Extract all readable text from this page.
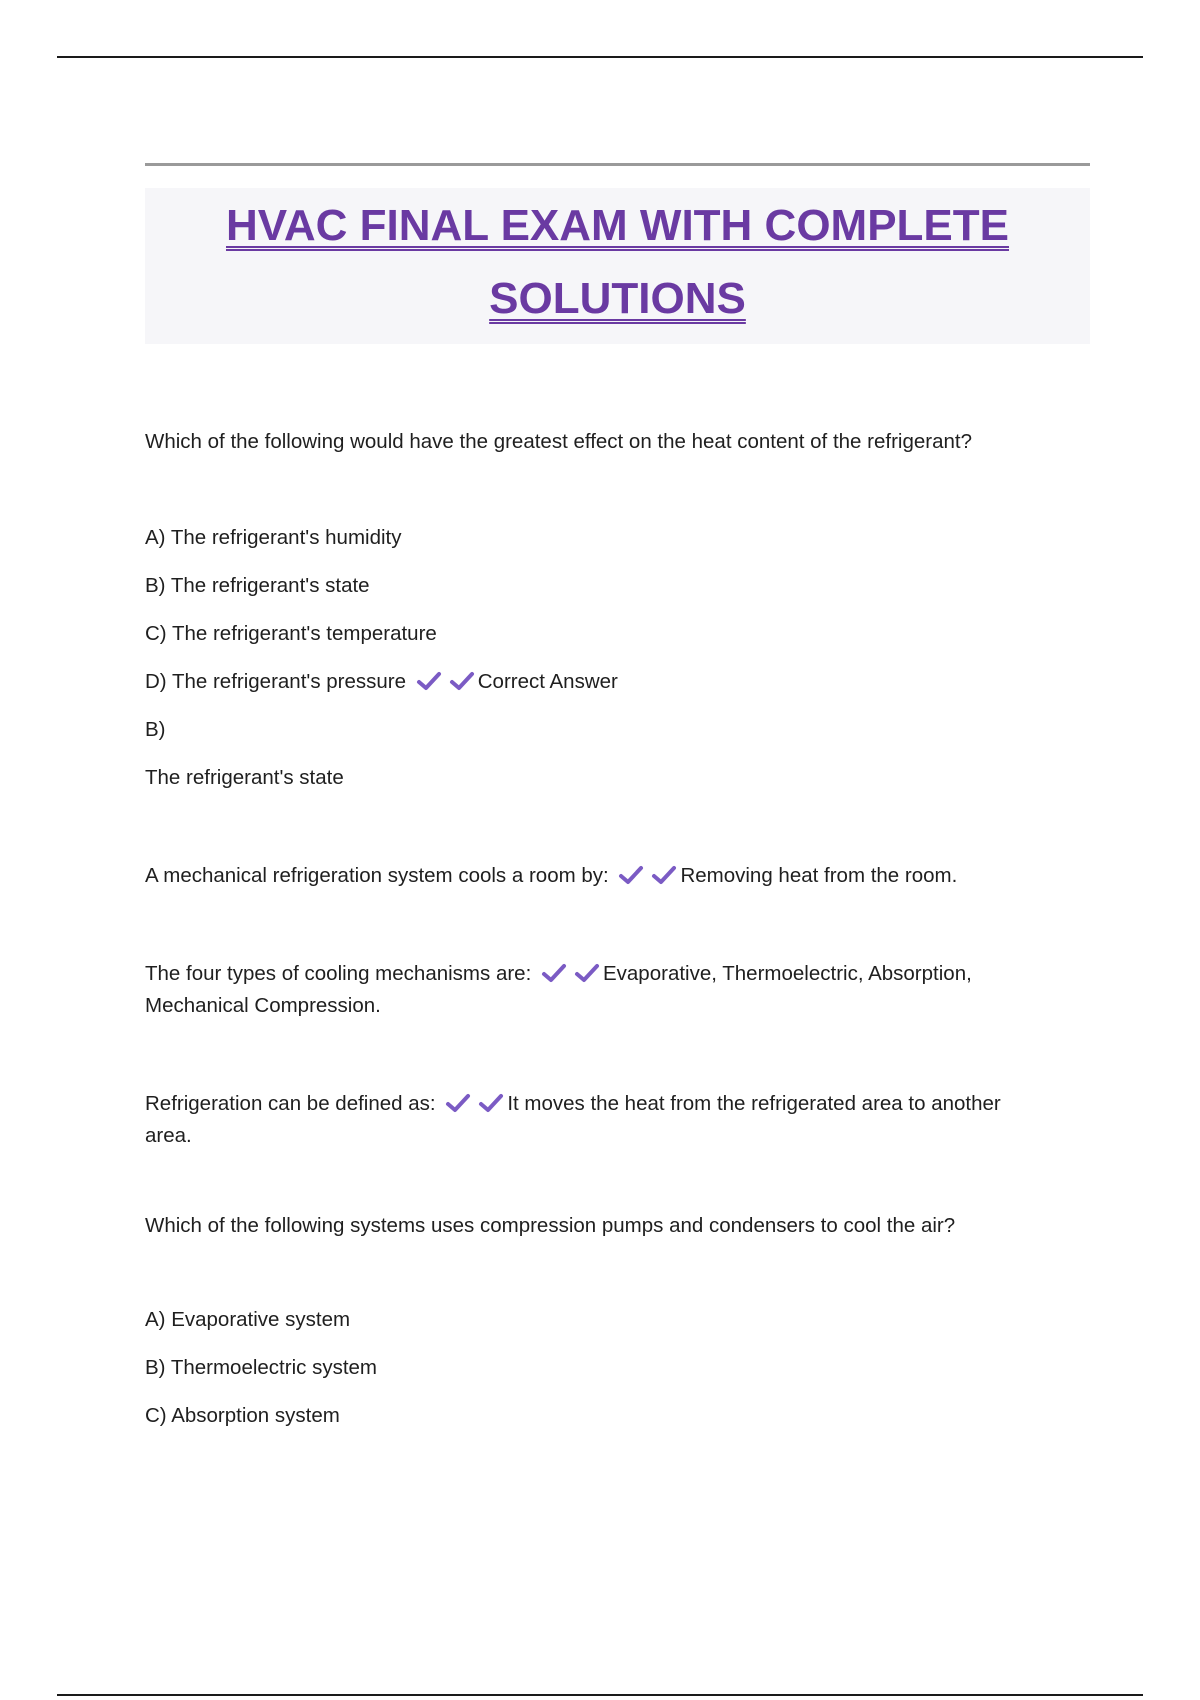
HVAC FINAL EXAM WITH COMPLETE
SOLUTIONS

Which of the following would have the greatest effect on the heat content of the refrigerant?

A) The refrigerant's humidity

B) The refrigerant's state

C) The refrigerant's temperature

D) The refrigerant's pressure	Correct Answer

B)

The refrigerant's state

A mechanical refrigeration system cools a room by:	Removing heat from the room.

The four types of cooling mechanisms are:	Evaporative, Thermoelectric, Absorption,

Mechanical Compression.

Refrigeration can be defined as:	It moves the heat from the refrigerated area to another

area.

Which of the following systems uses compression pumps and condensers to cool the air?

A) Evaporative system

B) Thermoelectric system

C) Absorption system
